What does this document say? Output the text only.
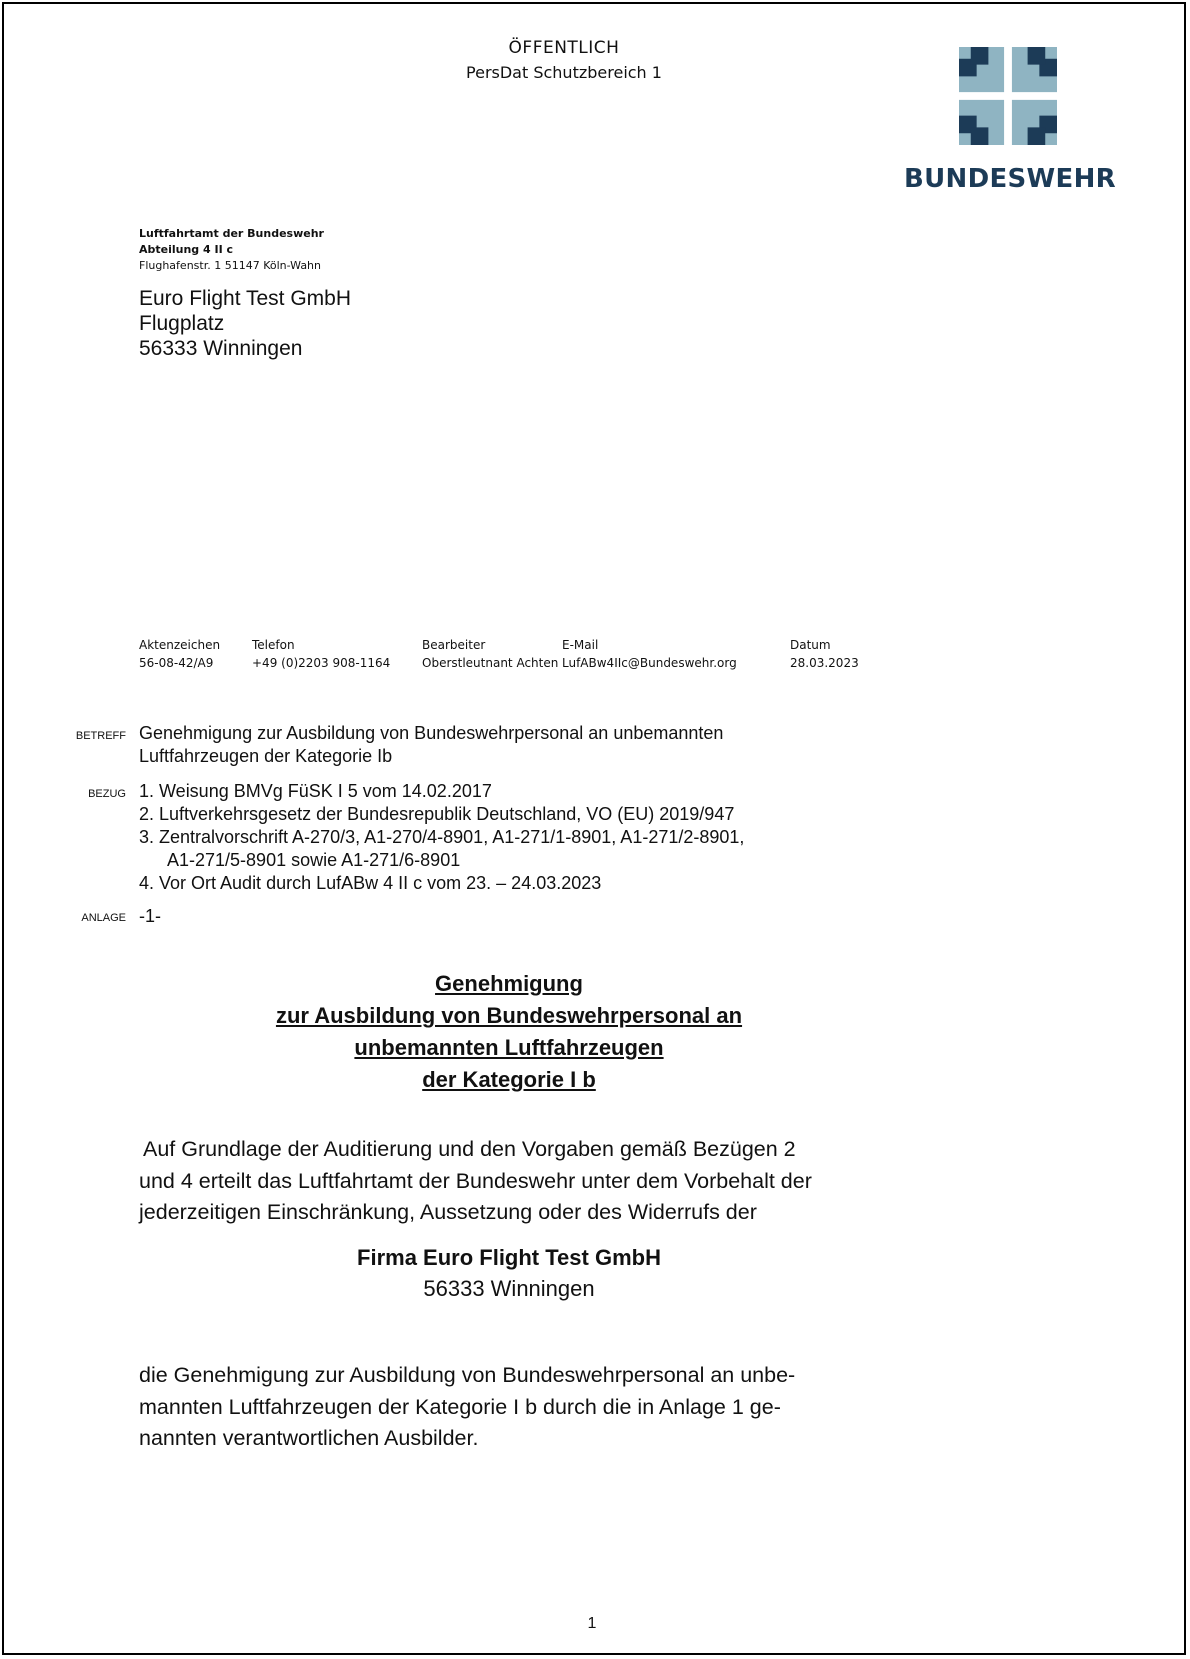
ÖFFENTLICH
PersDat Schutzbereich 1
BUNDESWEHR
Luftfahrtamt der Bundeswehr
Abteilung 4 II c
Flughafenstr. 1 51147 Köln-Wahn
Euro Flight Test GmbH
Flugplatz
56333 Winningen
Aktenzeichen
56-08-42/A9
Telefon
+49 (0)2203 908-1164
Bearbeiter
Oberstleutnant Achten
E-Mail
LufABw4IIc@Bundeswehr.org
Datum
28.03.2023
BETREFF Genehmigung zur Ausbildung von Bundeswehrpersonal an unbemannten
Luftfahrzeugen der Kategorie Ib
BEZUG 1. Weisung BMVg FüSK I 5 vom 14.02.2017
2. Luftverkehrsgesetz der Bundesrepublik Deutschland, VO (EU) 2019/947
3. Zentralvorschrift A-270/3, A1-270/4-8901, A1-271/1-8901, A1-271/2-8901,
A1-271/5-8901 sowie A1-271/6-8901
4. Vor Ort Audit durch LufABw 4 II c vom 23. – 24.03.2023
ANLAGE -1-
Genehmigung
zur Ausbildung von Bundeswehrpersonal an
unbemannten Luftfahrzeugen
der Kategorie I b
Auf Grundlage der Auditierung und den Vorgaben gemäß Bezügen 2
und 4 erteilt das Luftfahrtamt der Bundeswehr unter dem Vorbehalt der
jederzeitigen Einschränkung, Aussetzung oder des Widerrufs der
Firma Euro Flight Test GmbH
56333 Winningen
die Genehmigung zur Ausbildung von Bundeswehrpersonal an unbe-
mannten Luftfahrzeugen der Kategorie I b durch die in Anlage 1 ge-
nannten verantwortlichen Ausbilder.
1
